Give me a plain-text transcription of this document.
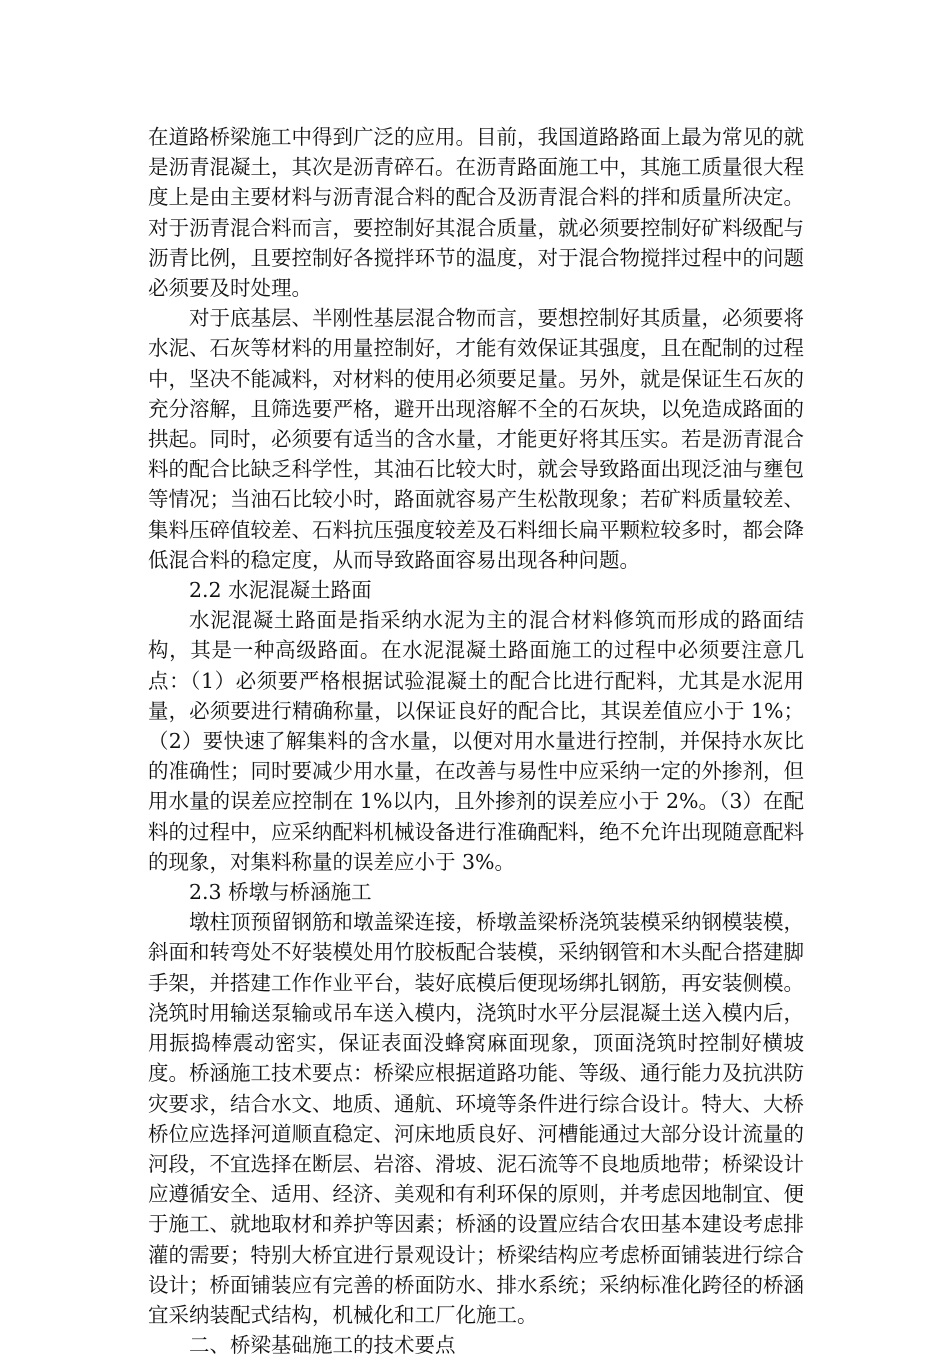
在道路桥梁施工中得到广泛的应用。目前，我国道路路面上最为常见的就是沥青混凝土，其次是沥青碎石。在沥青路面施工中，其施工质量很大程度上是由主要材料与沥青混合料的配合及沥青混合料的拌和质量所决定。对于沥青混合料而言，要控制好其混合质量，就必须要控制好矿料级配与沥青比例，且要控制好各搅拌环节的温度，对于混合物搅拌过程中的问题必须要及时处理。

对于底基层、半刚性基层混合物而言，要想控制好其质量，必须要将水泥、石灰等材料的用量控制好，才能有效保证其强度，且在配制的过程中，坚决不能减料，对材料的使用必须要足量。另外，就是保证生石灰的充分溶解，且筛选要严格，避开出现溶解不全的石灰块，以免造成路面的拱起。同时，必须要有适当的含水量，才能更好将其压实。若是沥青混合料的配合比缺乏科学性，其油石比较大时，就会导致路面出现泛油与壅包等情况；当油石比较小时，路面就容易产生松散现象；若矿料质量较差、集料压碎值较差、石料抗压强度较差及石料细长扁平颗粒较多时，都会降低混合料的稳定度，从而导致路面容易出现各种问题。

2.2 水泥混凝土路面

水泥混凝土路面是指采纳水泥为主的混合材料修筑而形成的路面结构，其是一种高级路面。在水泥混凝土路面施工的过程中必须要注意几点：（1）必须要严格根据试验混凝土的配合比进行配料，尤其是水泥用量，必须要进行精确称量，以保证良好的配合比，其误差值应小于 1%；（2）要快速了解集料的含水量，以便对用水量进行控制，并保持水灰比的准确性；同时要减少用水量，在改善与易性中应采纳一定的外掺剂，但用水量的误差应控制在 1%以内，且外掺剂的误差应小于 2%。（3）在配料的过程中，应采纳配料机械设备进行准确配料，绝不允许出现随意配料的现象，对集料称量的误差应小于 3%。

2.3 桥墩与桥涵施工

墩柱顶预留钢筋和墩盖梁连接，桥墩盖梁桥浇筑装模采纳钢模装模，斜面和转弯处不好装模处用竹胶板配合装模，采纳钢管和木头配合搭建脚手架，并搭建工作作业平台，装好底模后便现场绑扎钢筋，再安装侧模。浇筑时用输送泵输或吊车送入模内，浇筑时水平分层混凝土送入模内后，用振捣棒震动密实，保证表面没蜂窝麻面现象，顶面浇筑时控制好横坡度。桥涵施工技术要点：桥梁应根据道路功能、等级、通行能力及抗洪防灾要求，结合水文、地质、通航、环境等条件进行综合设计。特大、大桥桥位应选择河道顺直稳定、河床地质良好、河槽能通过大部分设计流量的河段，不宜选择在断层、岩溶、滑坡、泥石流等不良地质地带；桥梁设计应遵循安全、适用、经济、美观和有利环保的原则，并考虑因地制宜、便于施工、就地取材和养护等因素；桥涵的设置应结合农田基本建设考虑排灌的需要；特别大桥宜进行景观设计；桥梁结构应考虑桥面铺装进行综合设计；桥面铺装应有完善的桥面防水、排水系统；采纳标准化跨径的桥涵宜采纳装配式结构，机械化和工厂化施工。

二、桥梁基础施工的技术要点
